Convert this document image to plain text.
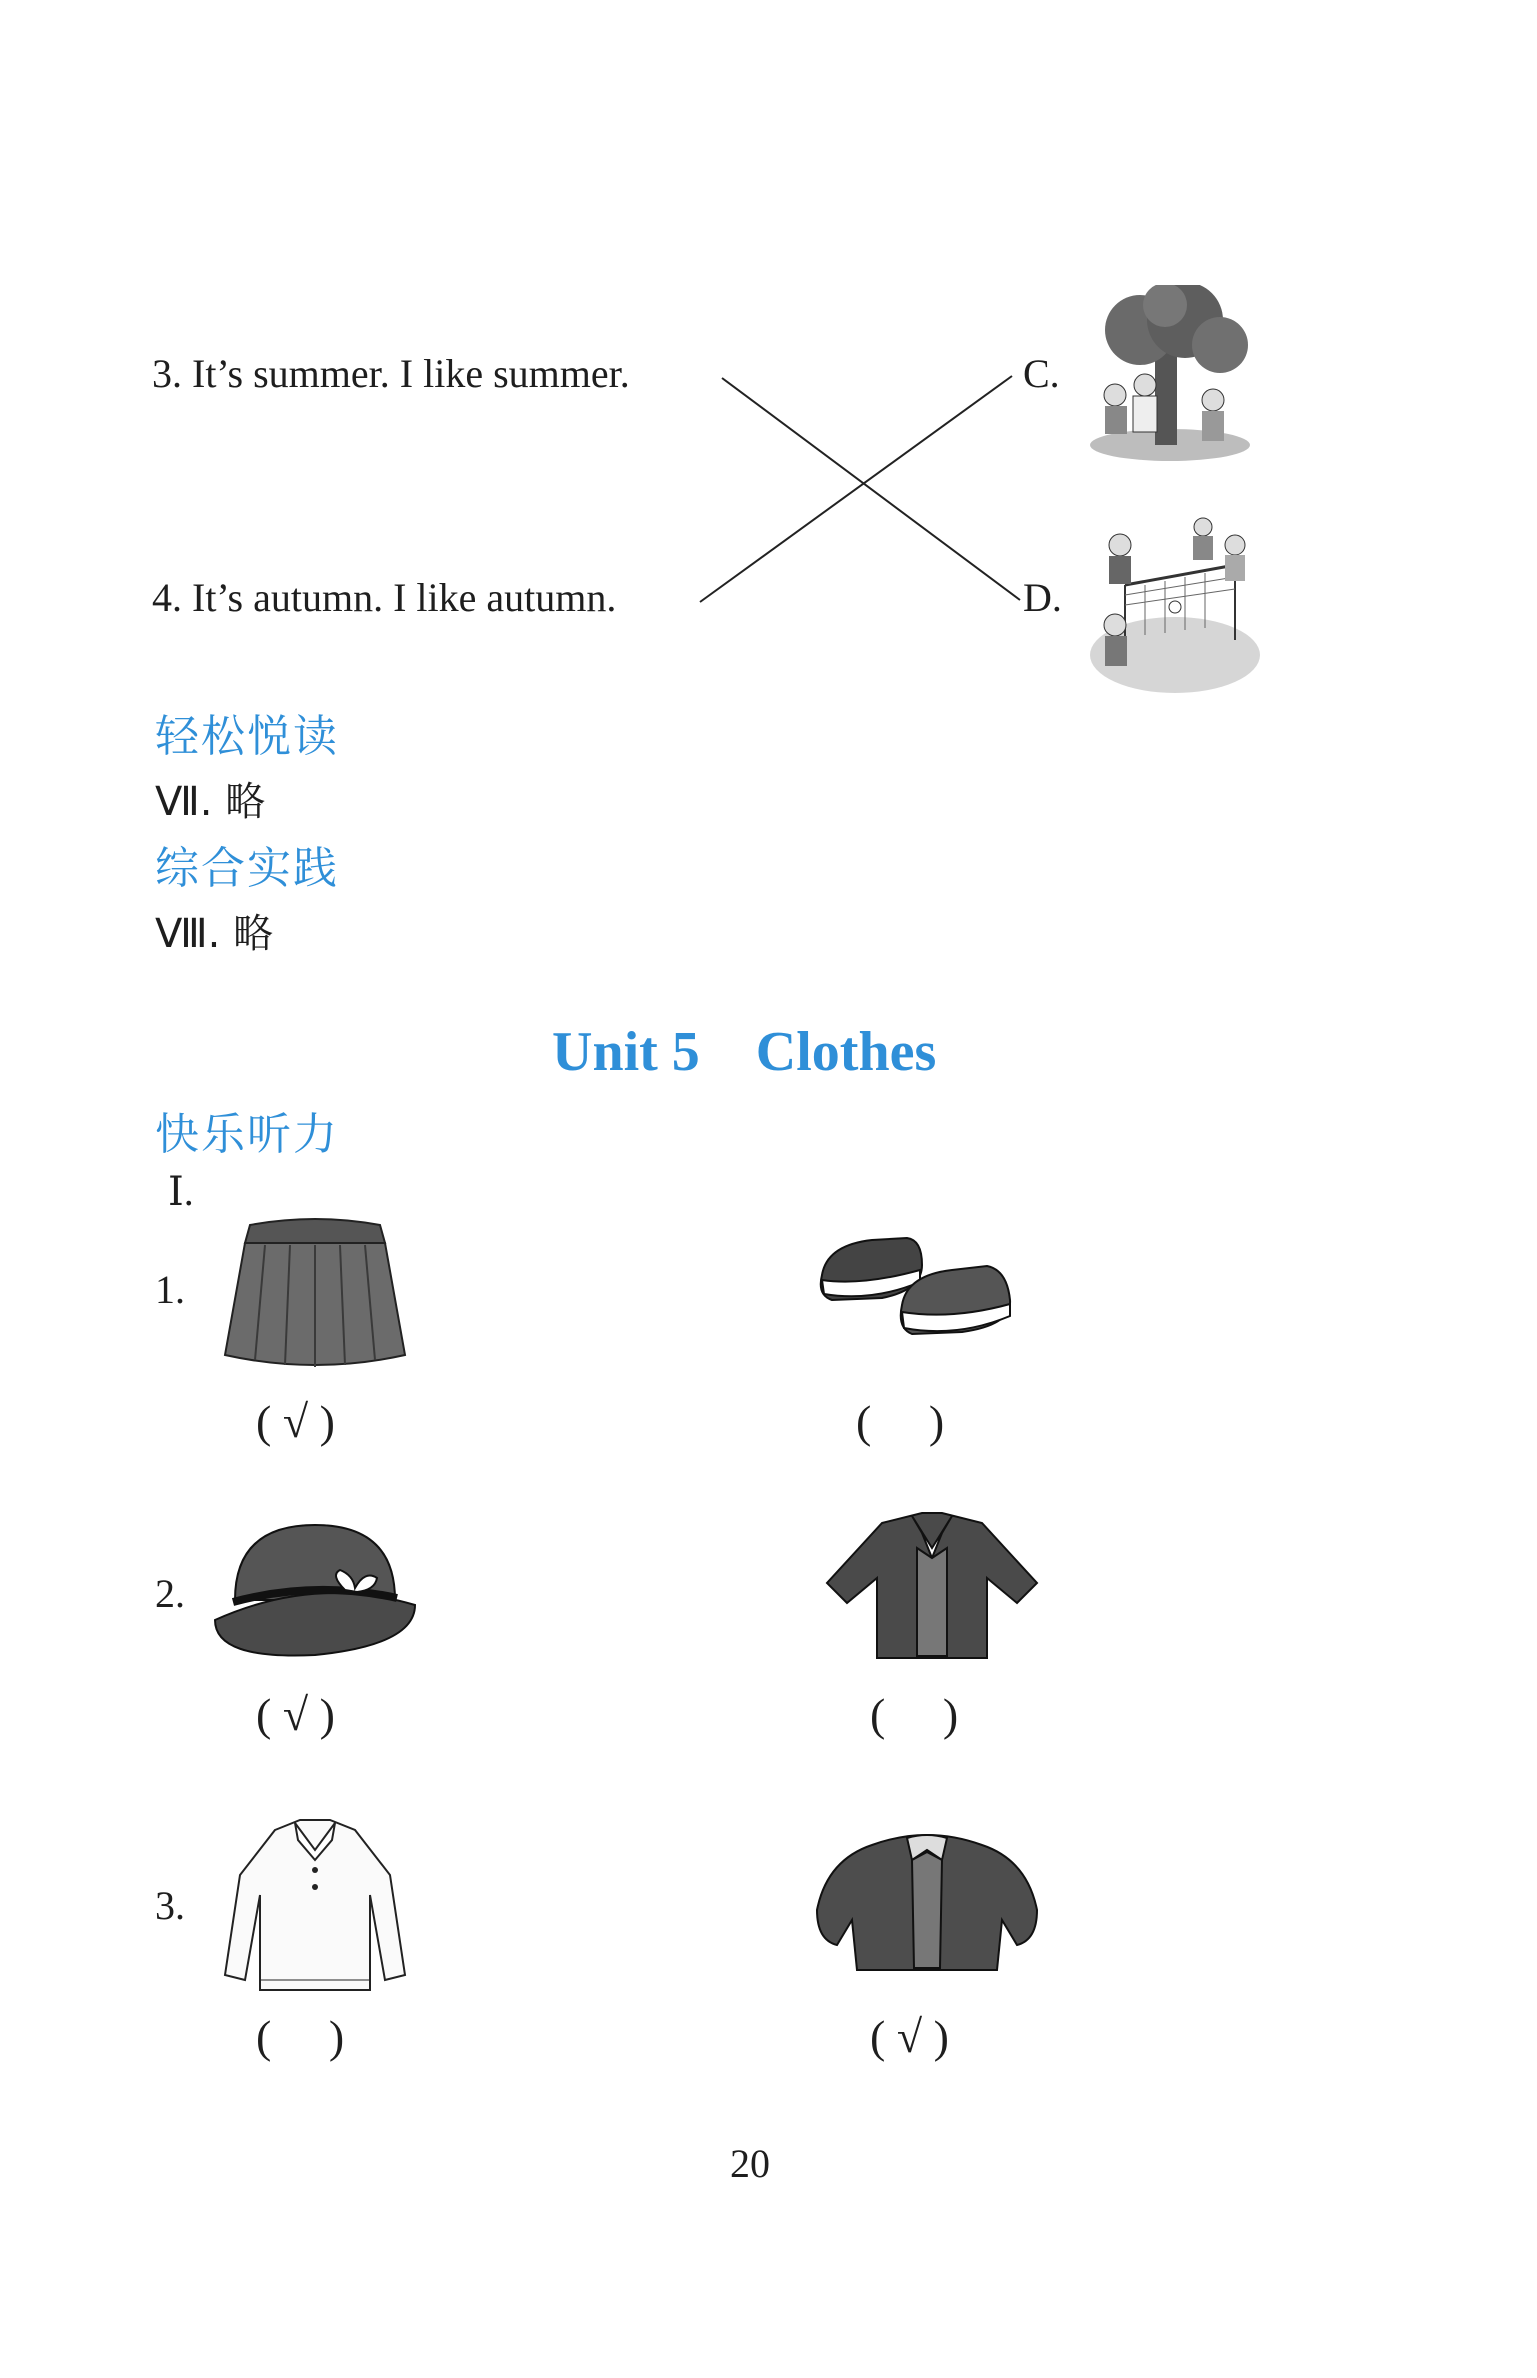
3. It’s summer. I like summer.
4. It’s autumn. I like autumn.
C.
D.
轻松悦读
Ⅶ. 略
综合实践
Ⅷ. 略
Unit 5    Clothes
快乐听力
Ⅰ.
1.
( √ )	(     )
2.
( √ )	(     )
3.
(     )	( √ )
20
